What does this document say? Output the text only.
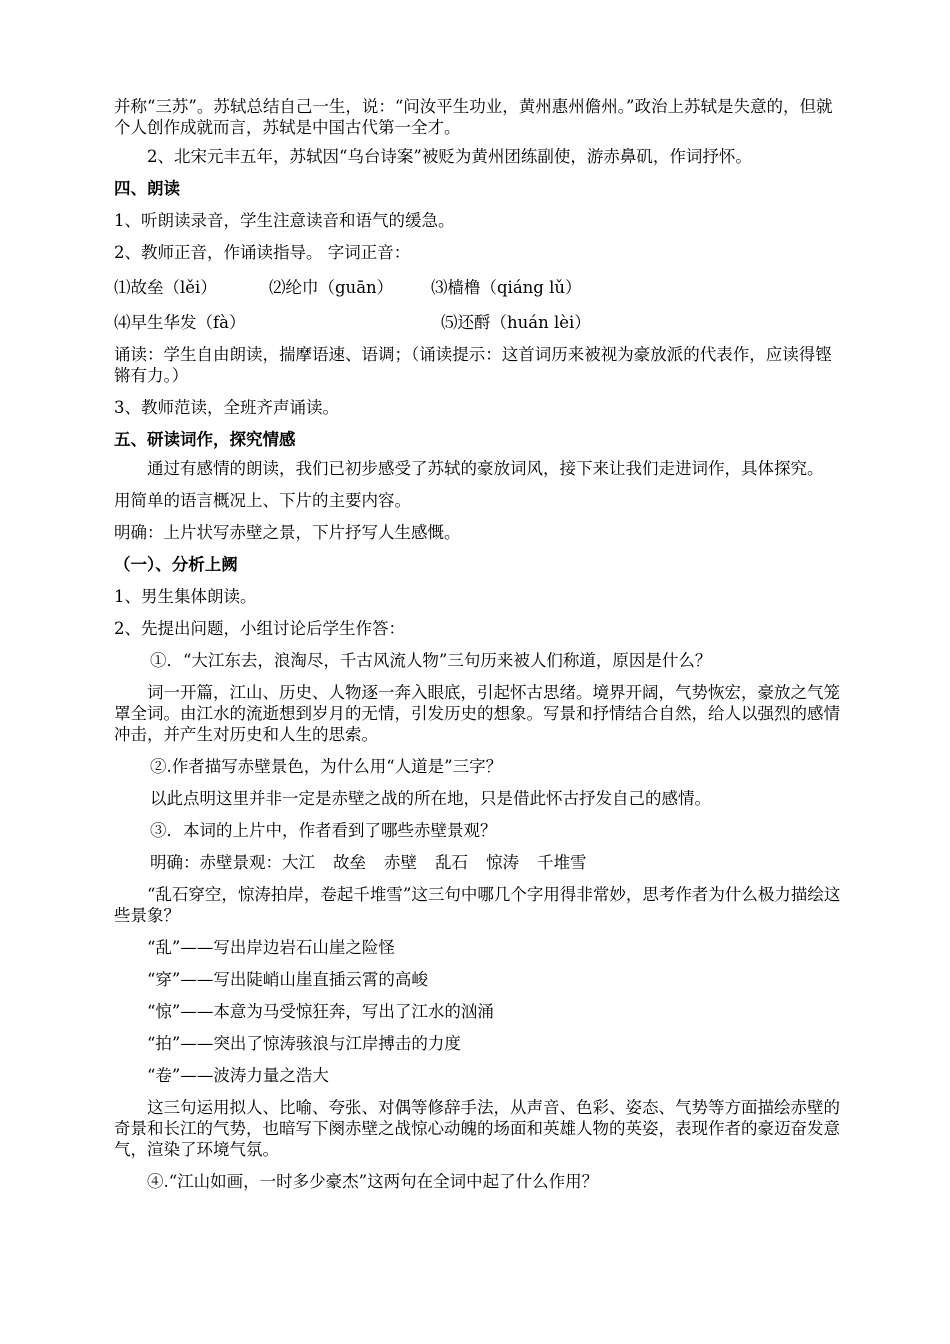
并称“三苏”。苏轼总结自己一生，说：“问汝平生功业，黄州惠州儋州。”政治上苏轼是失意的，但就个人创作成就而言，苏轼是中国古代第一全才。

2、北宋元丰五年，苏轼因“乌台诗案”被贬为黄州团练副使，游赤鼻矶，作词抒怀。

四、朗读

1、听朗读录音，学生注意读音和语气的缓急。

2、教师正音，作诵读指导。 字词正音：

⑴故垒（lěi）	⑵纶巾（guān）	⑶樯橹（qiáng lǔ）
⑷早生华发（fà）	⑸还酹（huán lèi）

诵读：学生自由朗读，揣摩语速、语调；（诵读提示：这首词历来被视为豪放派的代表作，应读得铿锵有力。）

3、教师范读，全班齐声诵读。

五、研读词作，探究情感

通过有感情的朗读，我们已初步感受了苏轼的豪放词风，接下来让我们走进词作，具体探究。

用简单的语言概况上、下片的主要内容。

明确：上片状写赤壁之景，下片抒写人生感慨。

（一）、分析上阙

1、男生集体朗读。

2、先提出问题，小组讨论后学生作答：

①．“大江东去，浪淘尽，千古风流人物”三句历来被人们称道，原因是什么？

词一开篇，江山、历史、人物逐一奔入眼底，引起怀古思绪。境界开阔，气势恢宏，豪放之气笼罩全词。由江水的流逝想到岁月的无情，引发历史的想象。写景和抒情结合自然，给人以强烈的感情冲击，并产生对历史和人生的思索。

②.作者描写赤壁景色，为什么用“人道是”三字？

以此点明这里并非一定是赤壁之战的所在地，只是借此怀古抒发自己的感情。

③．本词的上片中，作者看到了哪些赤壁景观？

明确：赤壁景观：大江 故垒 赤壁 乱石 惊涛 千堆雪

“乱石穿空，惊涛拍岸，卷起千堆雪”这三句中哪几个字用得非常妙，思考作者为什么极力描绘这些景象？

“乱”——写出岸边岩石山崖之险怪

“穿”——写出陡峭山崖直插云霄的高峻

“惊”——本意为马受惊狂奔，写出了江水的汹涌

“拍”——突出了惊涛骇浪与江岸搏击的力度

“卷”——波涛力量之浩大

这三句运用拟人、比喻、夸张、对偶等修辞手法，从声音、色彩、姿态、气势等方面描绘赤壁的奇景和长江的气势，也暗写下阕赤壁之战惊心动魄的场面和英雄人物的英姿，表现作者的豪迈奋发意气，渲染了环境气氛。

④.“江山如画，一时多少豪杰”这两句在全词中起了什么作用？
